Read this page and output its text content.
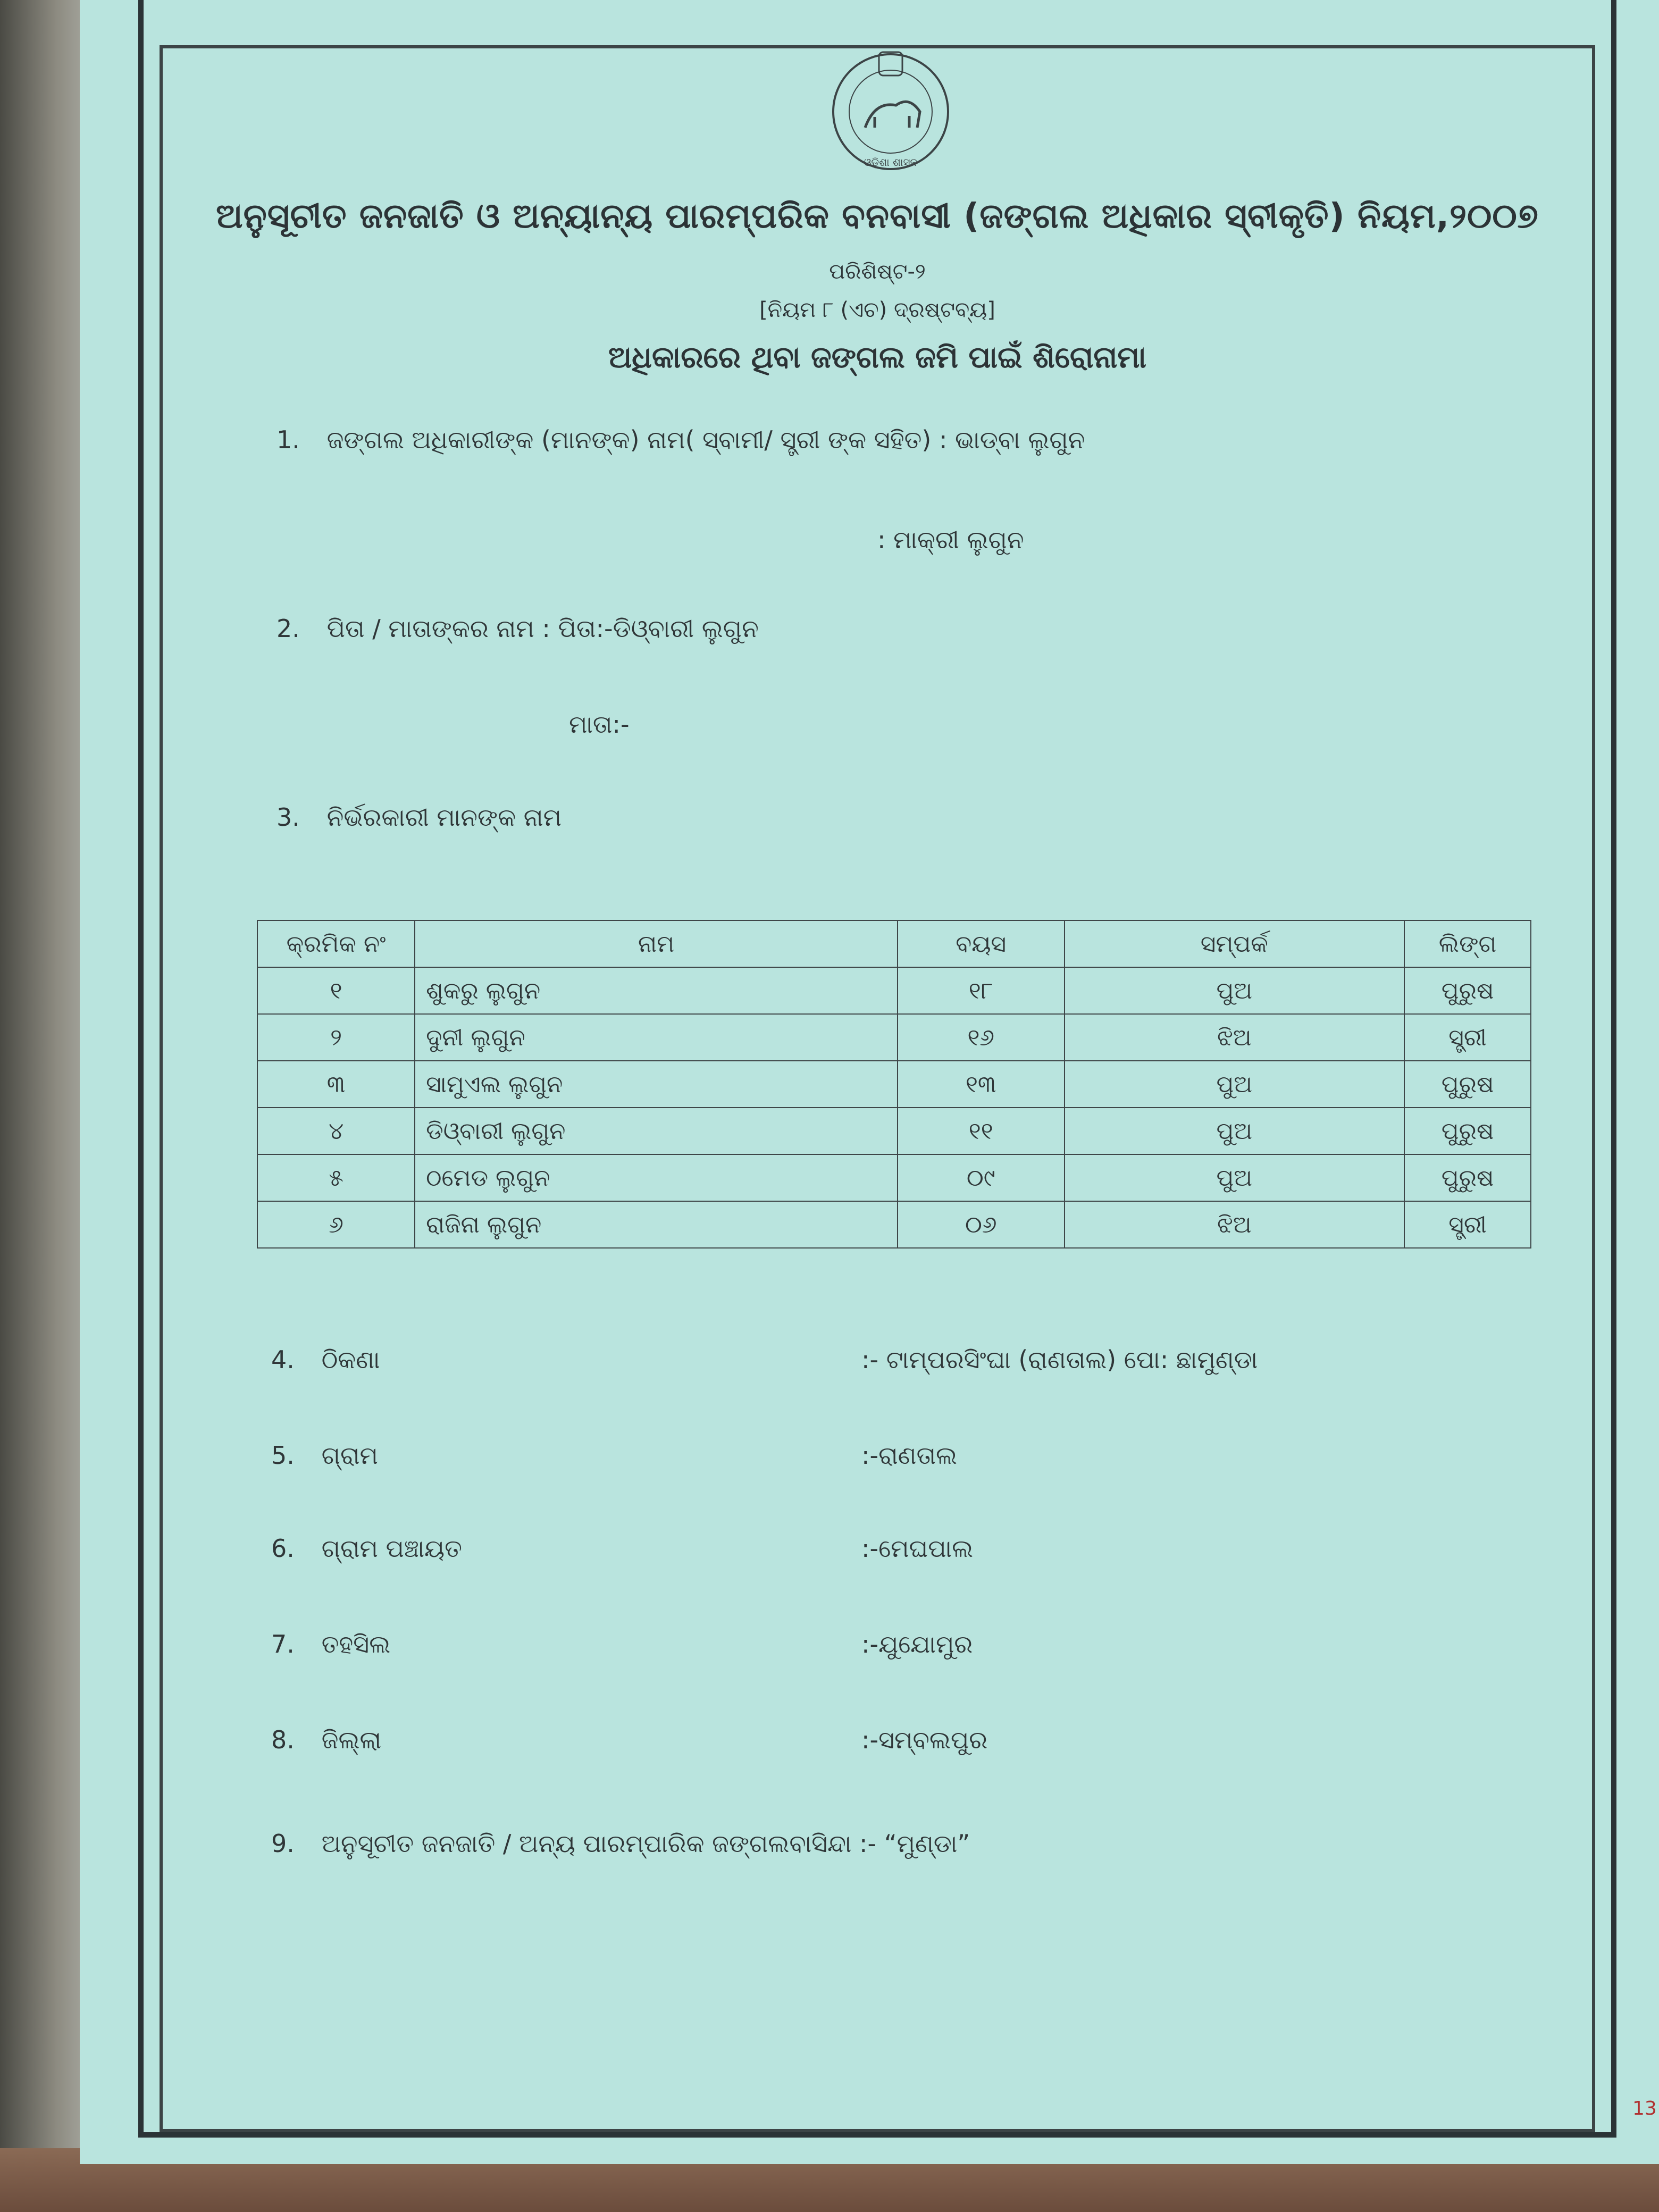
ଓଡ଼ିଶା ଶାସନ
ଅନୁସୂଚୀତ ଜନଜାତି ଓ ଅନ୍ୟାନ୍ୟ ପାରମ୍ପରିକ ବନବାସୀ (ଜଙ୍ଗଲ ଅଧିକାର ସ୍ବୀକୃତି) ନିୟମ,୨୦୦୭
ପରିଶିଷ୍ଟ-୨
[ନିୟମ ୮ (ଏଚ) ଦ୍ରଷ୍ଟବ୍ୟ]
ଅଧିକାରରେ ଥିବା ଜଙ୍ଗଲ ଜମି ପାଇଁ ଶିରୋନାମା
1. ଜଙ୍ଗଲ ଅଧିକାରୀଙ୍କ (ମାନଙ୍କ) ନାମ( ସ୍ବାମୀ/ ସ୍ତ୍ରୀ ଙ୍କ ସହିତ) : ଭାଡ୍ବା ଲୁଗୁନ
: ମାକ୍ରୀ ଲୁଗୁନ
2. ପିତା / ମାତାଙ୍କର ନାମ : ପିତା:-ଡିଓ୍ବାରୀ ଲୁଗୁନ
ମାତା:-
3. ନିର୍ଭରକାରୀ ମାନଙ୍କ ନାମ
କ୍ରମିକ ନଂ	ନାମ	ବୟସ	ସମ୍ପର୍କ	ଲିଙ୍ଗ
୧	ଶୁକରୁ ଲୁଗୁନ	୧୮	ପୁଅ	ପୁରୁଷ
୨	ଦୁନୀ ଲୁଗୁନ	୧୬	ଝିଅ	ସ୍ତ୍ରୀ
୩	ସାମୁଏଲ ଲୁଗୁନ	୧୩	ପୁଅ	ପୁରୁଷ
୪	ଡିଓ୍ବାରୀ ଲୁଗୁନ	୧୧	ପୁଅ	ପୁରୁଷ
୫	ଠମେଡ ଲୁଗୁନ	୦୯	ପୁଅ	ପୁରୁଷ
୬	ରାଜିନା ଲୁଗୁନ	୦୬	ଝିଅ	ସ୍ତ୍ରୀ
4. ଠିକଣା	:- ଟାମ୍ପରସିଂଘା (ରାଣତାଲ) ପୋ: ଛାମୁଣ୍ଡା
5. ଗ୍ରାମ	:-ରାଣତାଲ
6. ଗ୍ରାମ ପଞ୍ଚାୟତ	:-ମେଘପାଲ
7. ତହସିଲ	:-ଯୁଯୋମୁର
8. ଜିଲ୍ଲା	:-ସମ୍ବଲପୁର
9. ଅନୁସୂଚୀତ ଜନଜାତି / ଅନ୍ୟ ପାରମ୍ପାରିକ ଜଙ୍ଗଲବାସିନ୍ଦା :- “ମୁଣ୍ଡା”
13
